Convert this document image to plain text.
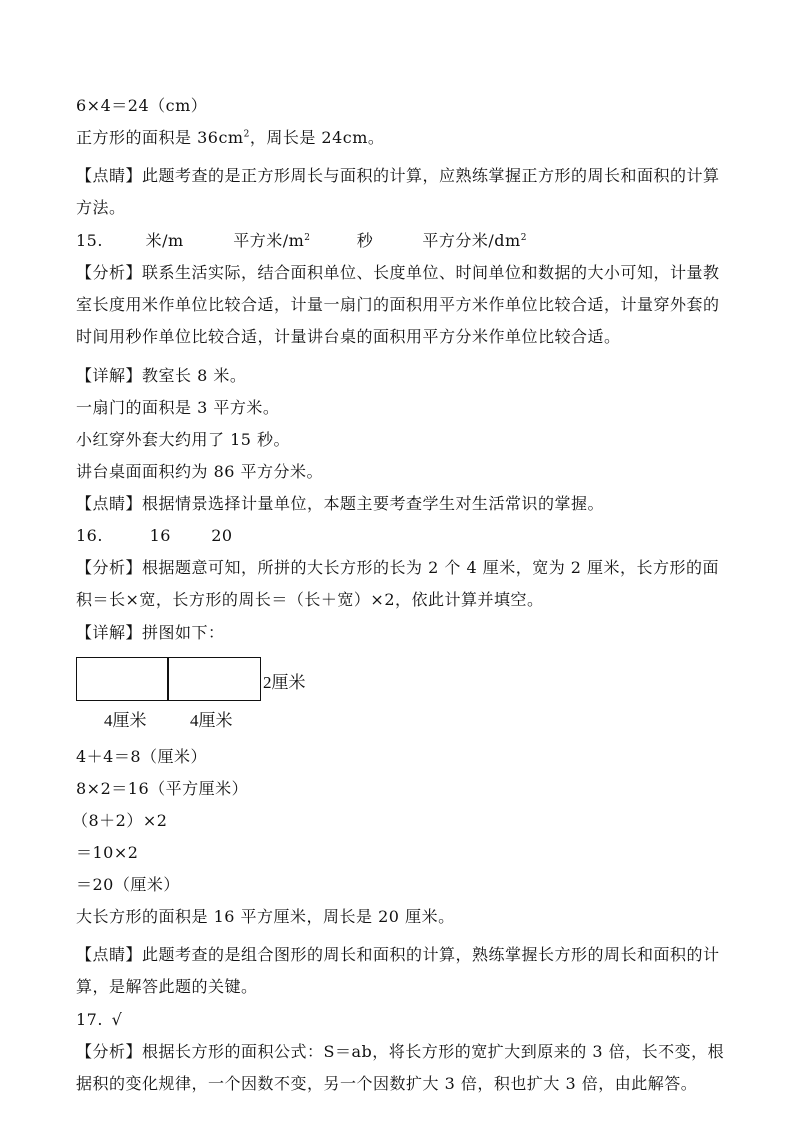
6×4＝24（cm）
正方形的面积是 $36cm^2$，周长是 24cm。
【点睛】此题考查的是正方形周长与面积的计算，应熟练掌握正方形的周长和面积的计算方法。
15.	米/m	平方米/m2	秒	平方分米/dm2
【分析】联系生活实际，结合面积单位、长度单位、时间单位和数据的大小可知，计量教室长度用米作单位比较合适，计量一扇门的面积用平方米作单位比较合适，计量穿外套的时间用秒作单位比较合适，计量讲台桌的面积用平方分米作单位比较合适。
【详解】教室长 8 米。
一扇门的面积是 3 平方米。
小红穿外套大约用了 15 秒。
讲台桌面面积约为 86 平方分米。
【点睛】根据情景选择计量单位，本题主要考查学生对生活常识的掌握。
16.	16	20
【分析】根据题意可知，所拼的大长方形的长为 2 个 4 厘米，宽为 2 厘米，长方形的面积＝长×宽，长方形的周长＝（长＋宽）×2，依此计算并填空。
【详解】拼图如下：
2厘米
4厘米	4厘米
4＋4＝8（厘米）
8×2＝16（平方厘米）
（8＋2）×2
＝10×2
＝20（厘米）
大长方形的面积是 16 平方厘米，周长是 20 厘米。
【点睛】此题考查的是组合图形的周长和面积的计算，熟练掌握长方形的周长和面积的计算，是解答此题的关键。
17. √
【分析】根据长方形的面积公式：S＝ab，将长方形的宽扩大到原来的 3 倍，长不变，根据积的变化规律，一个因数不变，另一个因数扩大 3 倍，积也扩大 3 倍，由此解答。
